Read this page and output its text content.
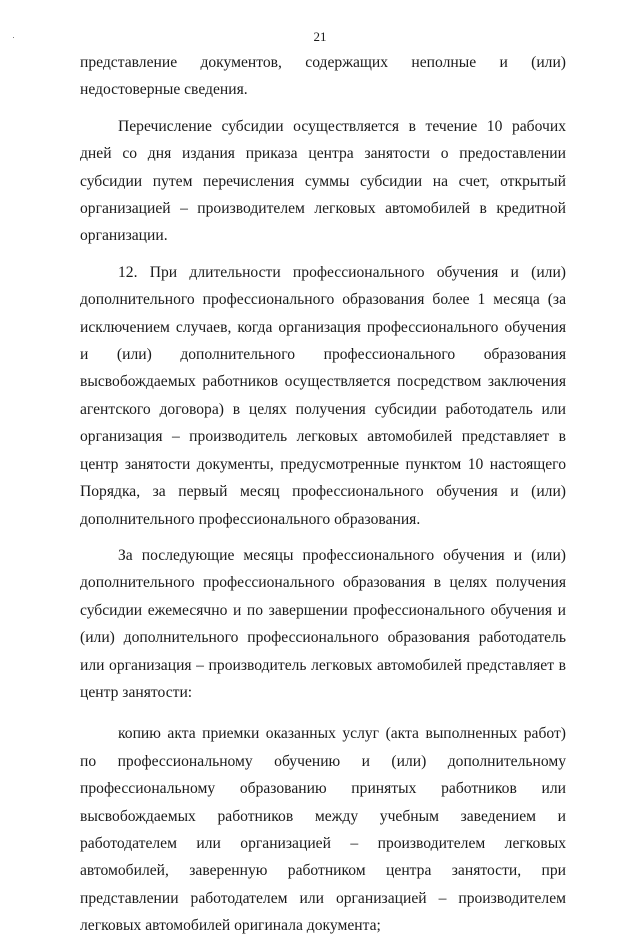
21

представление документов, содержащих неполные и (или) недостоверные сведения.

Перечисление субсидии осуществляется в течение 10 рабочих дней со дня издания приказа центра занятости о предоставлении субсидии путем перечисления суммы субсидии на счет, открытый организацией – производителем легковых автомобилей в кредитной организации.

12. При длительности профессионального обучения и (или) дополнительного профессионального образования более 1 месяца (за исключением случаев, когда организация профессионального обучения и (или) дополнительного профессионального образования высвобождаемых работников осуществляется посредством заключения агентского договора) в целях получения субсидии работодатель или организация – производитель легковых автомобилей представляет в центр занятости документы, предусмотренные пунктом 10 настоящего Порядка, за первый месяц профессионального обучения и (или) дополнительного профессионального образования.

За последующие месяцы профессионального обучения и (или) дополнительного профессионального образования в целях получения субсидии ежемесячно и по завершении профессионального обучения и (или) дополнительного профессионального образования работодатель или организация – производитель легковых автомобилей представляет в центр занятости:

копию акта приемки оказанных услуг (акта выполненных работ) по профессиональному обучению и (или) дополнительному профессиональному образованию принятых работников или высвобождаемых работников между учебным заведением и работодателем или организацией – производителем легковых автомобилей, заверенную работником центра занятости, при представлении работодателем или организацией – производителем легковых автомобилей оригинала документа;
